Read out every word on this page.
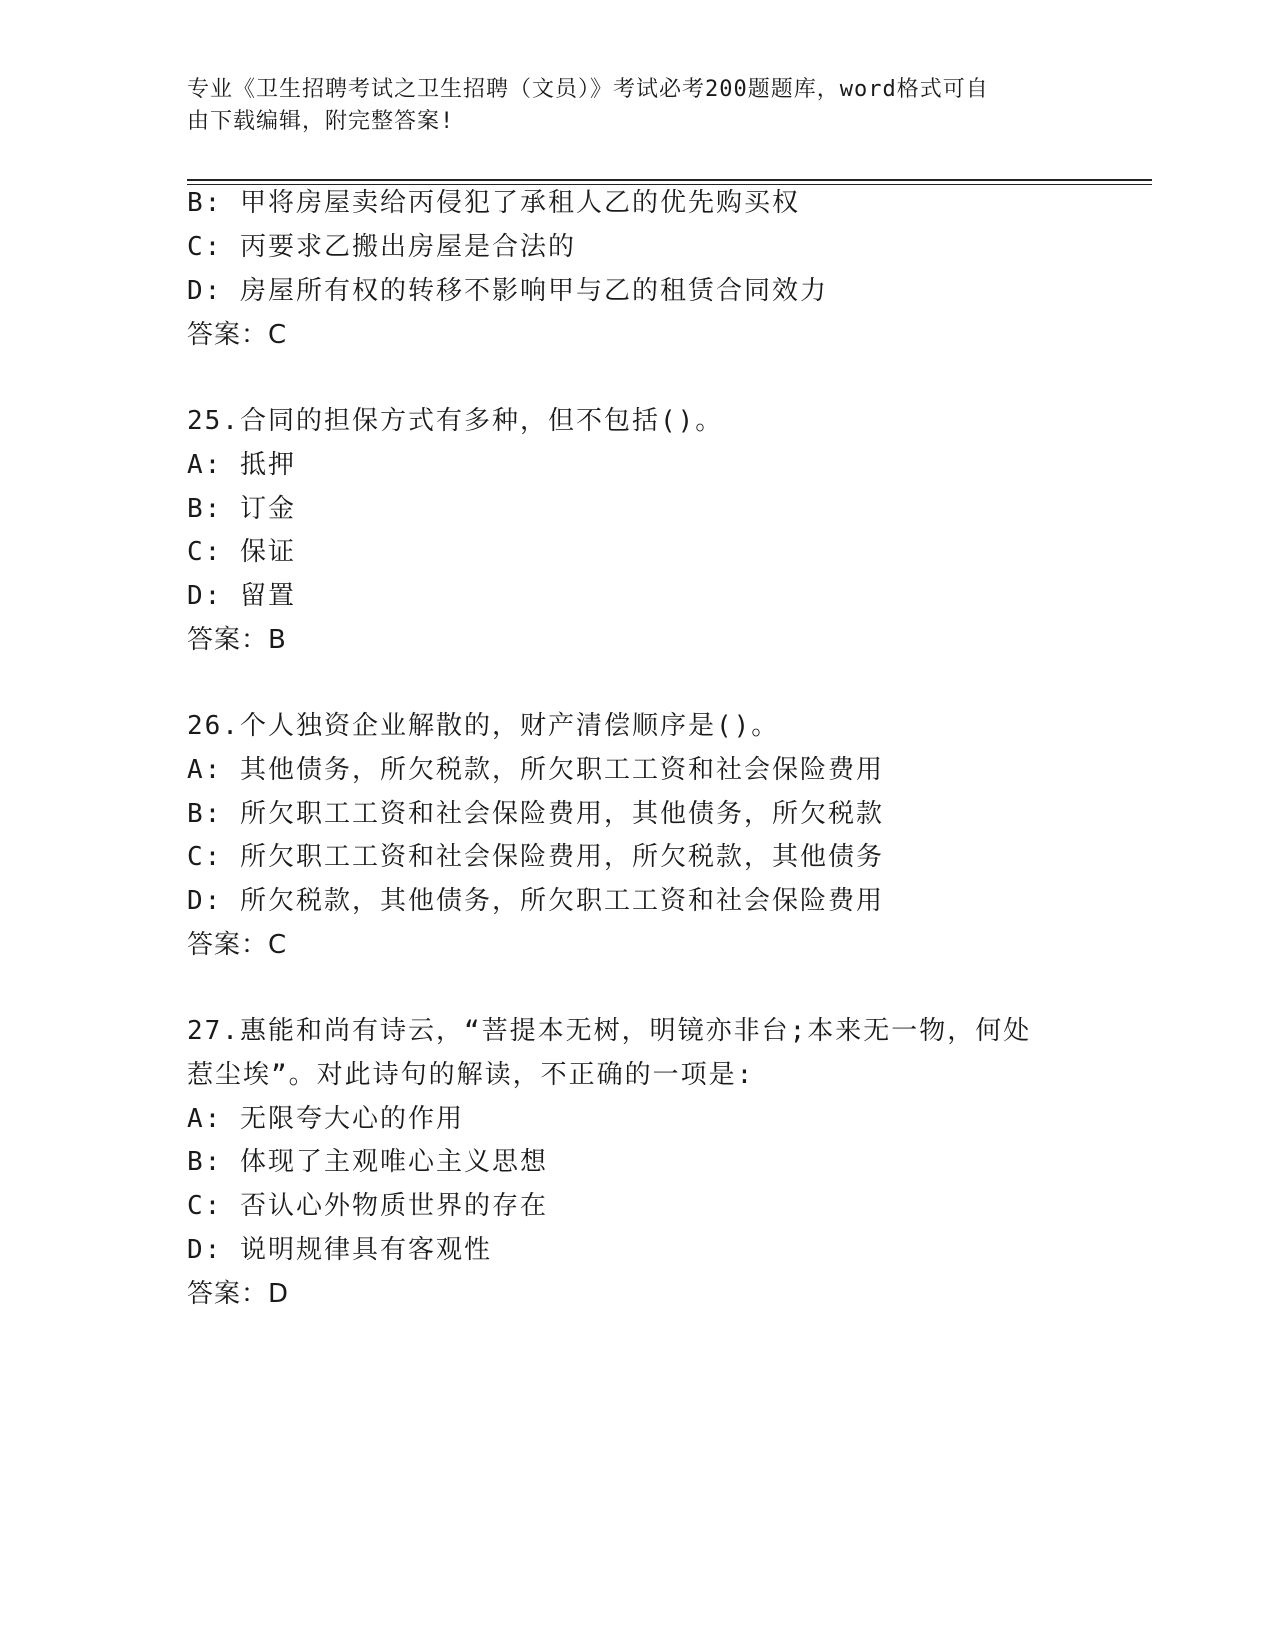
专业《卫生招聘考试之卫生招聘（文员）》考试必考200题题库，word格式可自
由下载编辑，附完整答案!
B: 甲将房屋卖给丙侵犯了承租人乙的优先购买权
C: 丙要求乙搬出房屋是合法的
D: 房屋所有权的转移不影响甲与乙的租赁合同效力
答案：C
25.合同的担保方式有多种，但不包括()。
A: 抵押
B: 订金
C: 保证
D: 留置
答案：B
26.个人独资企业解散的，财产清偿顺序是()。
A: 其他债务，所欠税款，所欠职工工资和社会保险费用
B: 所欠职工工资和社会保险费用，其他债务，所欠税款
C: 所欠职工工资和社会保险费用，所欠税款，其他债务
D: 所欠税款，其他债务，所欠职工工资和社会保险费用
答案：C
27.惠能和尚有诗云，“菩提本无树，明镜亦非台;本来无一物，何处
惹尘埃”。对此诗句的解读，不正确的一项是:
A: 无限夸大心的作用
B: 体现了主观唯心主义思想
C: 否认心外物质世界的存在
D: 说明规律具有客观性
答案：D
